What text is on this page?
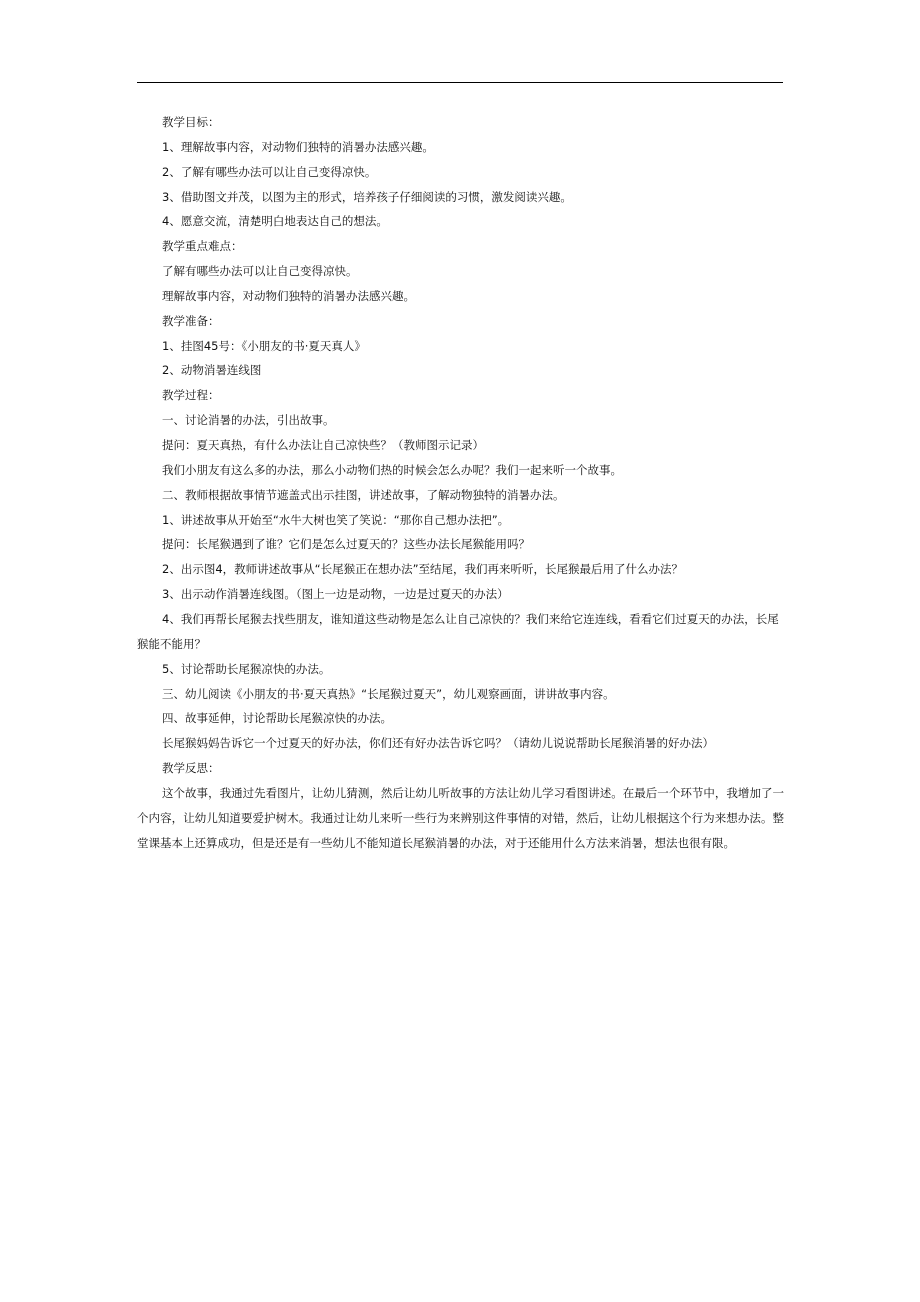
教学目标：
1、理解故事内容，对动物们独特的消暑办法感兴趣。
2、了解有哪些办法可以让自己变得凉快。
3、借助图文并茂，以图为主的形式，培养孩子仔细阅读的习惯，激发阅读兴趣。
4、愿意交流，清楚明白地表达自己的想法。
教学重点难点：
了解有哪些办法可以让自己变得凉快。
理解故事内容，对动物们独特的消暑办法感兴趣。
教学准备：
1、挂图45号：《小朋友的书·夏天真人》
2、动物消暑连线图
教学过程：
一、讨论消暑的办法，引出故事。
提问：夏天真热，有什么办法让自己凉快些？（教师图示记录）
我们小朋友有这么多的办法，那么小动物们热的时候会怎么办呢？我们一起来听一个故事。
二、教师根据故事情节遮盖式出示挂图，讲述故事，了解动物独特的消暑办法。
1、讲述故事从开始至“水牛大树也笑了笑说：“那你自己想办法把”。
提问：长尾猴遇到了谁？它们是怎么过夏天的？这些办法长尾猴能用吗？
2、出示图4，教师讲述故事从“长尾猴正在想办法”至结尾，我们再来听听，长尾猴最后用了什么办法？
3、出示动作消暑连线图。（图上一边是动物，一边是过夏天的办法）
4、我们再帮长尾猴去找些朋友，谁知道这些动物是怎么让自己凉快的？我们来给它连连线，看看它们过夏天的办法，长尾猴能不能用？
5、讨论帮助长尾猴凉快的办法。
三、幼儿阅读《小朋友的书·夏天真热》“长尾猴过夏天”，幼儿观察画面，讲讲故事内容。
四、故事延伸，讨论帮助长尾猴凉快的办法。
长尾猴妈妈告诉它一个过夏天的好办法，你们还有好办法告诉它吗？（请幼儿说说帮助长尾猴消暑的好办法）
教学反思：
这个故事，我通过先看图片，让幼儿猜测，然后让幼儿听故事的方法让幼儿学习看图讲述。在最后一个环节中，我增加了一个内容，让幼儿知道要爱护树木。我通过让幼儿来听一些行为来辨别这件事情的对错，然后，让幼儿根据这个行为来想办法。整堂课基本上还算成功，但是还是有一些幼儿不能知道长尾猴消暑的办法，对于还能用什么方法来消暑，想法也很有限。
